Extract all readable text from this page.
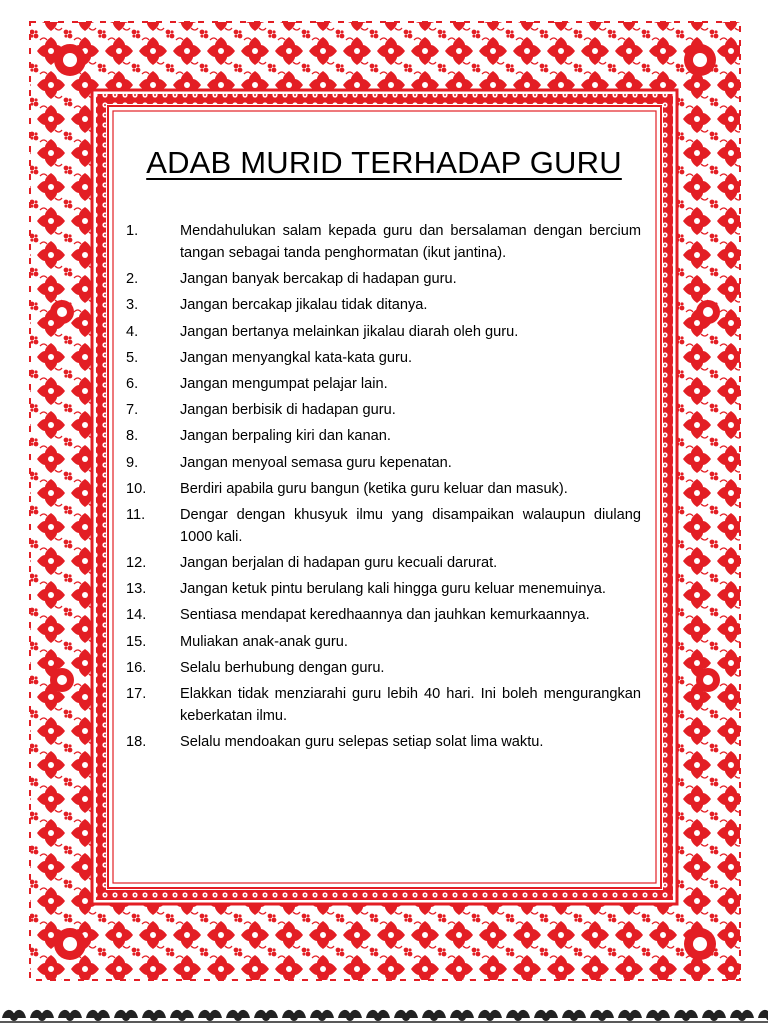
ADAB MURID TERHADAP GURU
1.	Mendahulukan salam kepada guru dan bersalaman dengan bercium tangan sebagai tanda penghormatan (ikut jantina).
2.	Jangan banyak bercakap di hadapan guru.
3.	Jangan bercakap jikalau tidak ditanya.
4.	Jangan bertanya melainkan jikalau diarah oleh guru.
5.	Jangan menyangkal kata-kata guru.
6.	Jangan mengumpat pelajar lain.
7.	Jangan berbisik di hadapan guru.
8.	Jangan berpaling kiri dan kanan.
9.	Jangan menyoal semasa guru kepenatan.
10.	Berdiri apabila guru bangun (ketika guru keluar dan masuk).
11.	Dengar dengan khusyuk ilmu yang disampaikan walaupun diulang 1000 kali.
12.	Jangan berjalan di hadapan guru kecuali darurat.
13.	Jangan ketuk pintu berulang kali hingga guru keluar menemuinya.
14.	Sentiasa mendapat keredhaannya dan jauhkan kemurkaannya.
15.	Muliakan anak-anak guru.
16.	Selalu berhubung dengan guru.
17.	Elakkan tidak menziarahi guru lebih 40 hari. Ini boleh mengurangkan keberkatan ilmu.
18.	Selalu mendoakan guru selepas setiap solat lima waktu.
